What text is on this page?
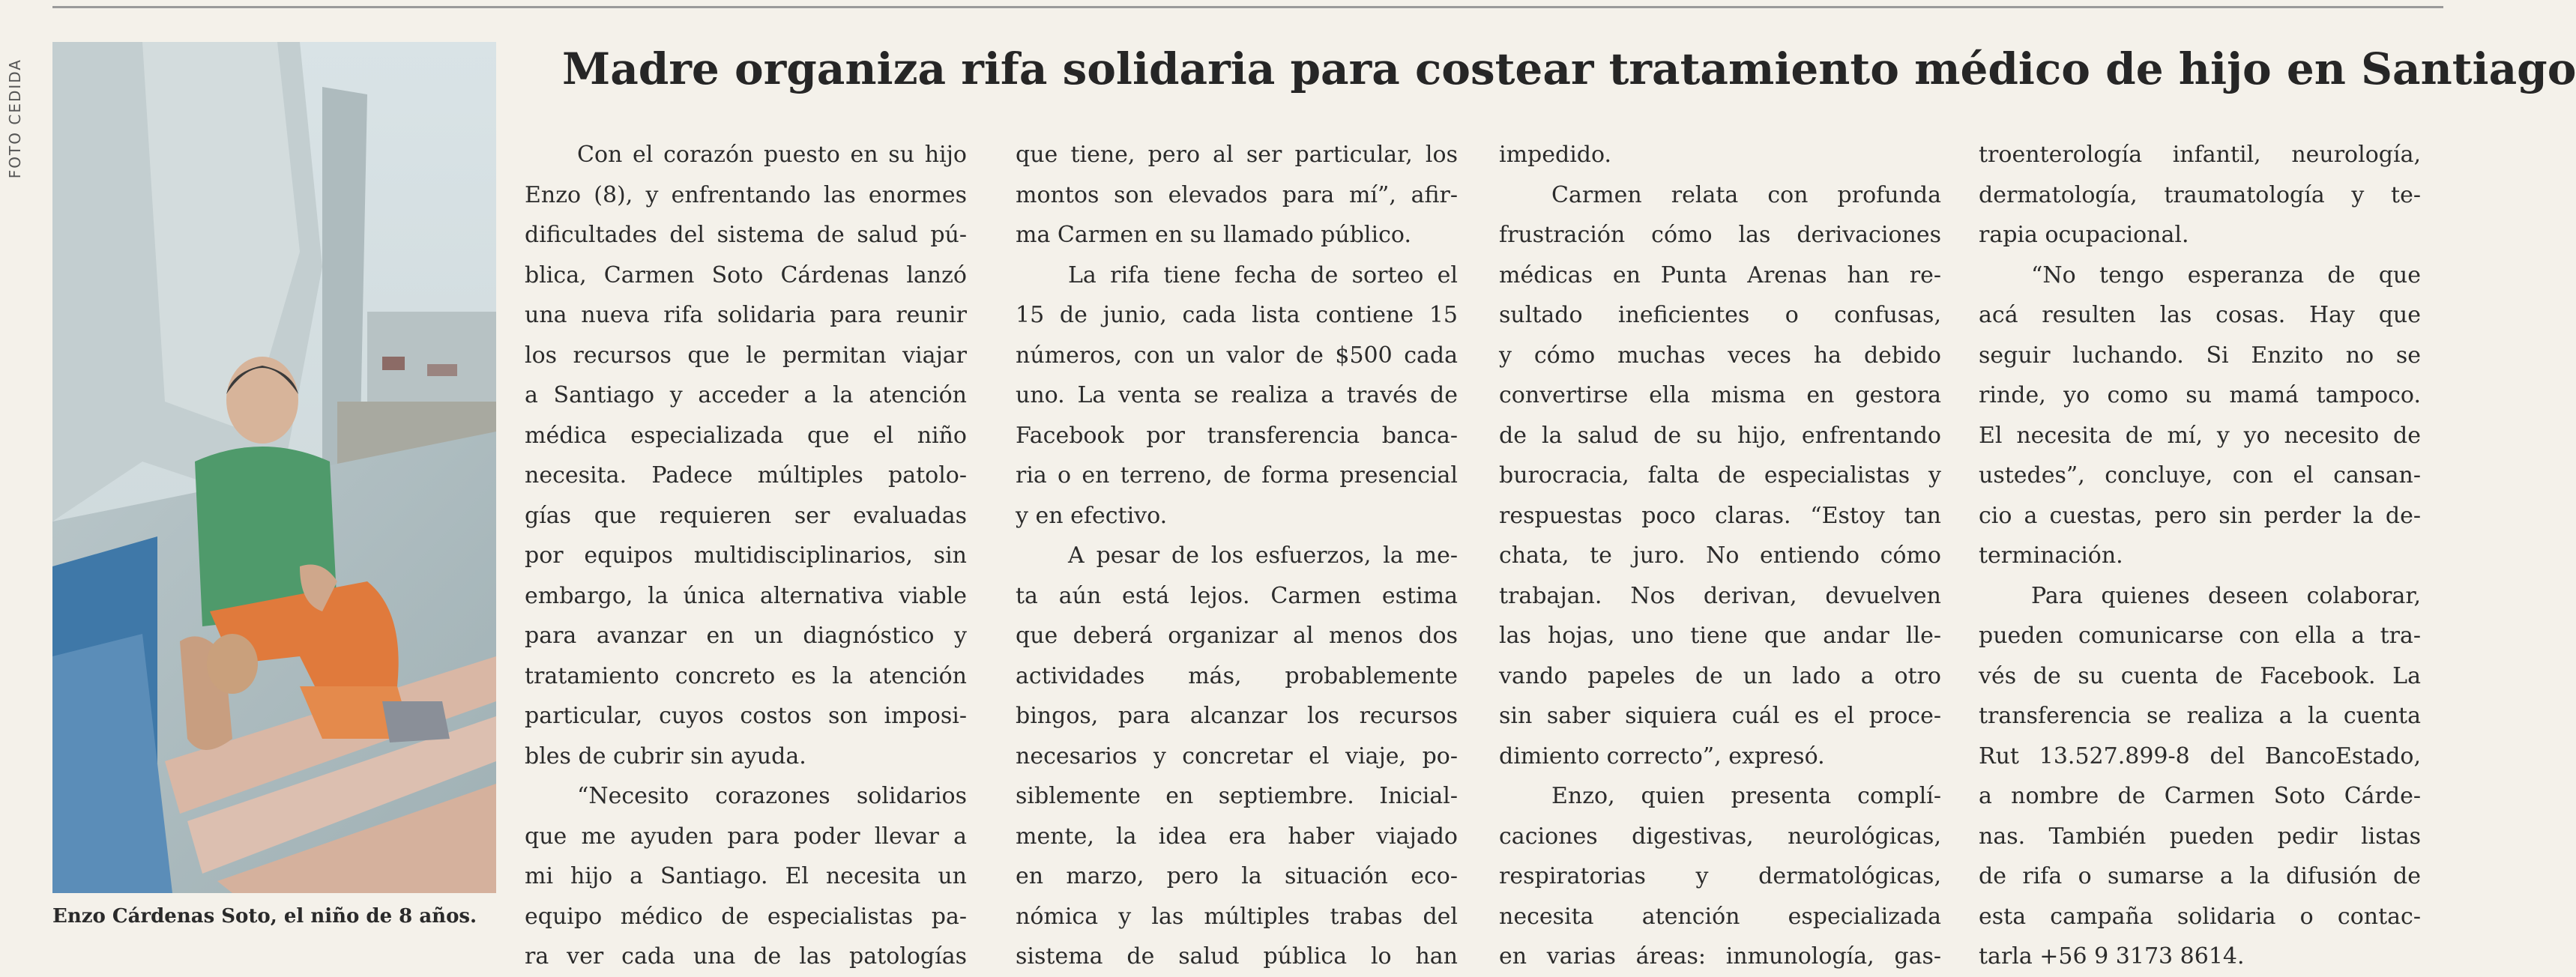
FOTO CEDIDA
Enzo Cárdenas Soto, el niño de 8 años.
Madre organiza rifa solidaria para costear tratamiento médico de hijo en Santiago
Con el corazón puesto en su hijo
Enzo (8), y enfrentando las enormes
dificultades del sistema de salud pú-
blica, Carmen Soto Cárdenas lanzó
una nueva rifa solidaria para reunir
los recursos que le permitan viajar
a Santiago y acceder a la atención
médica especializada que el niño
necesita. Padece múltiples patolo-
gías que requieren ser evaluadas
por equipos multidisciplinarios, sin
embargo, la única alternativa viable
para avanzar en un diagnóstico y
tratamiento concreto es la atención
particular, cuyos costos son imposi-
bles de cubrir sin ayuda.
“Necesito corazones solidarios
que me ayuden para poder llevar a
mi hijo a Santiago. El necesita un
equipo médico de especialistas pa-
ra ver cada una de las patologías
que tiene, pero al ser particular, los
montos son elevados para mí”, afir-
ma Carmen en su llamado público.
La rifa tiene fecha de sorteo el
15 de junio, cada lista contiene 15
números, con un valor de $500 cada
uno. La venta se realiza a través de
Facebook por transferencia banca-
ria o en terreno, de forma presencial
y en efectivo.
A pesar de los esfuerzos, la me-
ta aún está lejos. Carmen estima
que deberá organizar al menos dos
actividades más, probablemente
bingos, para alcanzar los recursos
necesarios y concretar el viaje, po-
siblemente en septiembre. Inicial-
mente, la idea era haber viajado
en marzo, pero la situación eco-
nómica y las múltiples trabas del
sistema de salud pública lo han
impedido.
Carmen relata con profunda
frustración cómo las derivaciones
médicas en Punta Arenas han re-
sultado ineficientes o confusas,
y cómo muchas veces ha debido
convertirse ella misma en gestora
de la salud de su hijo, enfrentando
burocracia, falta de especialistas y
respuestas poco claras. “Estoy tan
chata, te juro. No entiendo cómo
trabajan. Nos derivan, devuelven
las hojas, uno tiene que andar lle-
vando papeles de un lado a otro
sin saber siquiera cuál es el proce-
dimiento correcto”, expresó.
Enzo, quien presenta complí-
caciones digestivas, neurológicas,
respiratorias y dermatológicas,
necesita atención especializada
en varias áreas: inmunología, gas-
troenterología infantil, neurología,
dermatología, traumatología y te-
rapia ocupacional.
“No tengo esperanza de que
acá resulten las cosas. Hay que
seguir luchando. Si Enzito no se
rinde, yo como su mamá tampoco.
El necesita de mí, y yo necesito de
ustedes”, concluye, con el cansan-
cio a cuestas, pero sin perder la de-
terminación.
Para quienes deseen colaborar,
pueden comunicarse con ella a tra-
vés de su cuenta de Facebook. La
transferencia se realiza a la cuenta
Rut 13.527.899-8 del BancoEstado,
a nombre de Carmen Soto Cárde-
nas. También pueden pedir listas
de rifa o sumarse a la difusión de
esta campaña solidaria o contac-
tarla +56 9 3173 8614.
